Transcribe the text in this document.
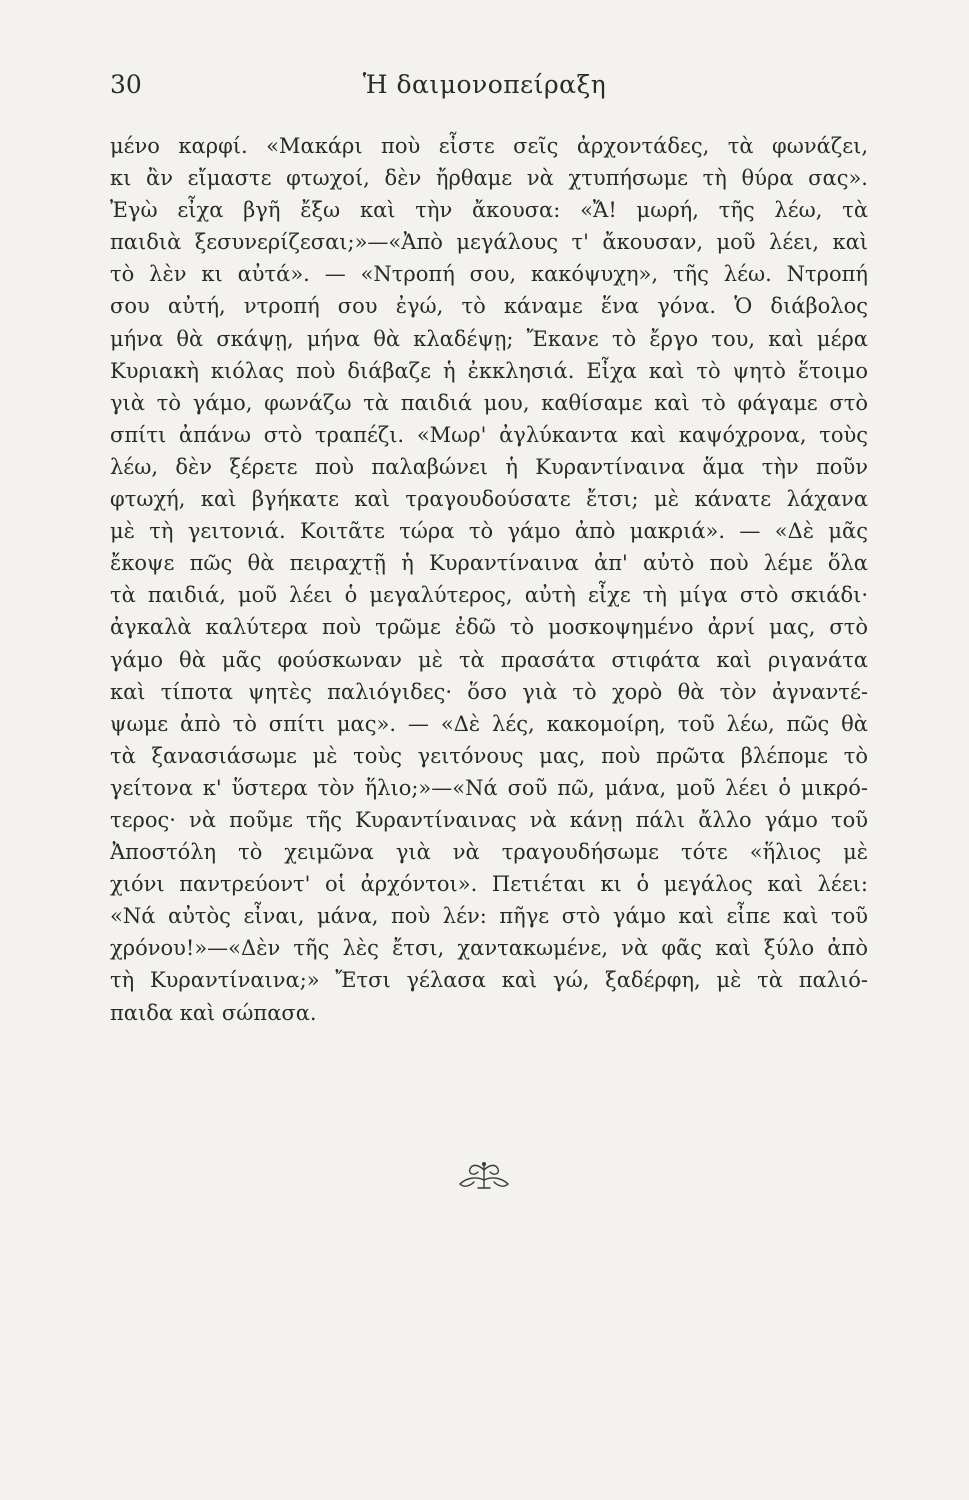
30	Ἡ δαιμονοπείραξη
μένο καρφί. «Μακάρι ποὺ εἶστε σεῖς ἀρχοντάδες, τὰ φωνάζει,
κι ἂν εἴμαστε φτωχοί, δὲν ἤρθαμε νὰ χτυπήσωμε τὴ θύρα σας».
Ἐγὼ εἶχα βγῆ ἔξω καὶ τὴν ἄκουσα: «Ἄ! μωρή, τῆς λέω, τὰ
παιδιὰ ξεσυνερίζεσαι;»—«Ἀπὸ μεγάλους τ' ἄκουσαν, μοῦ λέει, καὶ
τὸ λὲν κι αὐτά». — «Ντροπή σου, κακόψυχη», τῆς λέω. Ντροπή
σου αὐτή, ντροπή σου ἐγώ, τὸ κάναμε ἕνα γόνα. Ὁ διάβολος
μήνα θὰ σκάψῃ, μήνα θὰ κλαδέψῃ; Ἔκανε τὸ ἔργο του, καὶ μέρα
Κυριακὴ κιόλας ποὺ διάβαζε ἡ ἐκκλησιά. Εἶχα καὶ τὸ ψητὸ ἕτοιμο
γιὰ τὸ γάμο, φωνάζω τὰ παιδιά μου, καθίσαμε καὶ τὸ φάγαμε στὸ
σπίτι ἀπάνω στὸ τραπέζι. «Μωρ' ἀγλύκαντα καὶ καψόχρονα, τοὺς
λέω, δὲν ξέρετε ποὺ παλαβώνει ἡ Κυραντίναινα ἅμα τὴν ποῦν
φτωχή, καὶ βγήκατε καὶ τραγουδούσατε ἔτσι; μὲ κάνατε λάχανα
μὲ τὴ γειτονιά. Κοιτᾶτε τώρα τὸ γάμο ἀπὸ μακριά». — «Δὲ μᾶς
ἔκοψε πῶς θὰ πειραχτῇ ἡ Κυραντίναινα ἀπ' αὐτὸ ποὺ λέμε ὅλα
τὰ παιδιά, μοῦ λέει ὁ μεγαλύτερος, αὐτὴ εἶχε τὴ μίγα στὸ σκιάδι·
ἀγκαλὰ καλύτερα ποὺ τρῶμε ἐδῶ τὸ μοσκοψημένο ἀρνί μας, στὸ
γάμο θὰ μᾶς φούσκωναν μὲ τὰ πρασάτα στιφάτα καὶ ριγανάτα
καὶ τίποτα ψητὲς παλιόγιδες· ὅσο γιὰ τὸ χορὸ θὰ τὸν ἀγναντέ-
ψωμε ἀπὸ τὸ σπίτι μας». — «Δὲ λές, κακομοίρη, τοῦ λέω, πῶς θὰ
τὰ ξανασιάσωμε μὲ τοὺς γειτόνους μας, ποὺ πρῶτα βλέπομε τὸ
γείτονα κ' ὕστερα τὸν ἥλιο;»—«Νά σοῦ πῶ, μάνα, μοῦ λέει ὁ μικρό-
τερος· νὰ ποῦμε τῆς Κυραντίναινας νὰ κάνῃ πάλι ἄλλο γάμο τοῦ
Ἀποστόλη τὸ χειμῶνα γιὰ νὰ τραγουδήσωμε τότε «ἥλιος μὲ
χιόνι παντρεύοντ' οἱ ἀρχόντοι». Πετιέται κι ὁ μεγάλος καὶ λέει:
«Νά αὐτὸς εἶναι, μάνα, ποὺ λέν: πῆγε στὸ γάμο καὶ εἶπε καὶ τοῦ
χρόνου!»—«Δὲν τῆς λὲς ἔτσι, χαντακωμένε, νὰ φᾶς καὶ ξύλο ἀπὸ
τὴ Κυραντίναινα;» Ἔτσι γέλασα καὶ γώ, ξαδέρφη, μὲ τὰ παλιό-
παιδα καὶ σώπασα.
